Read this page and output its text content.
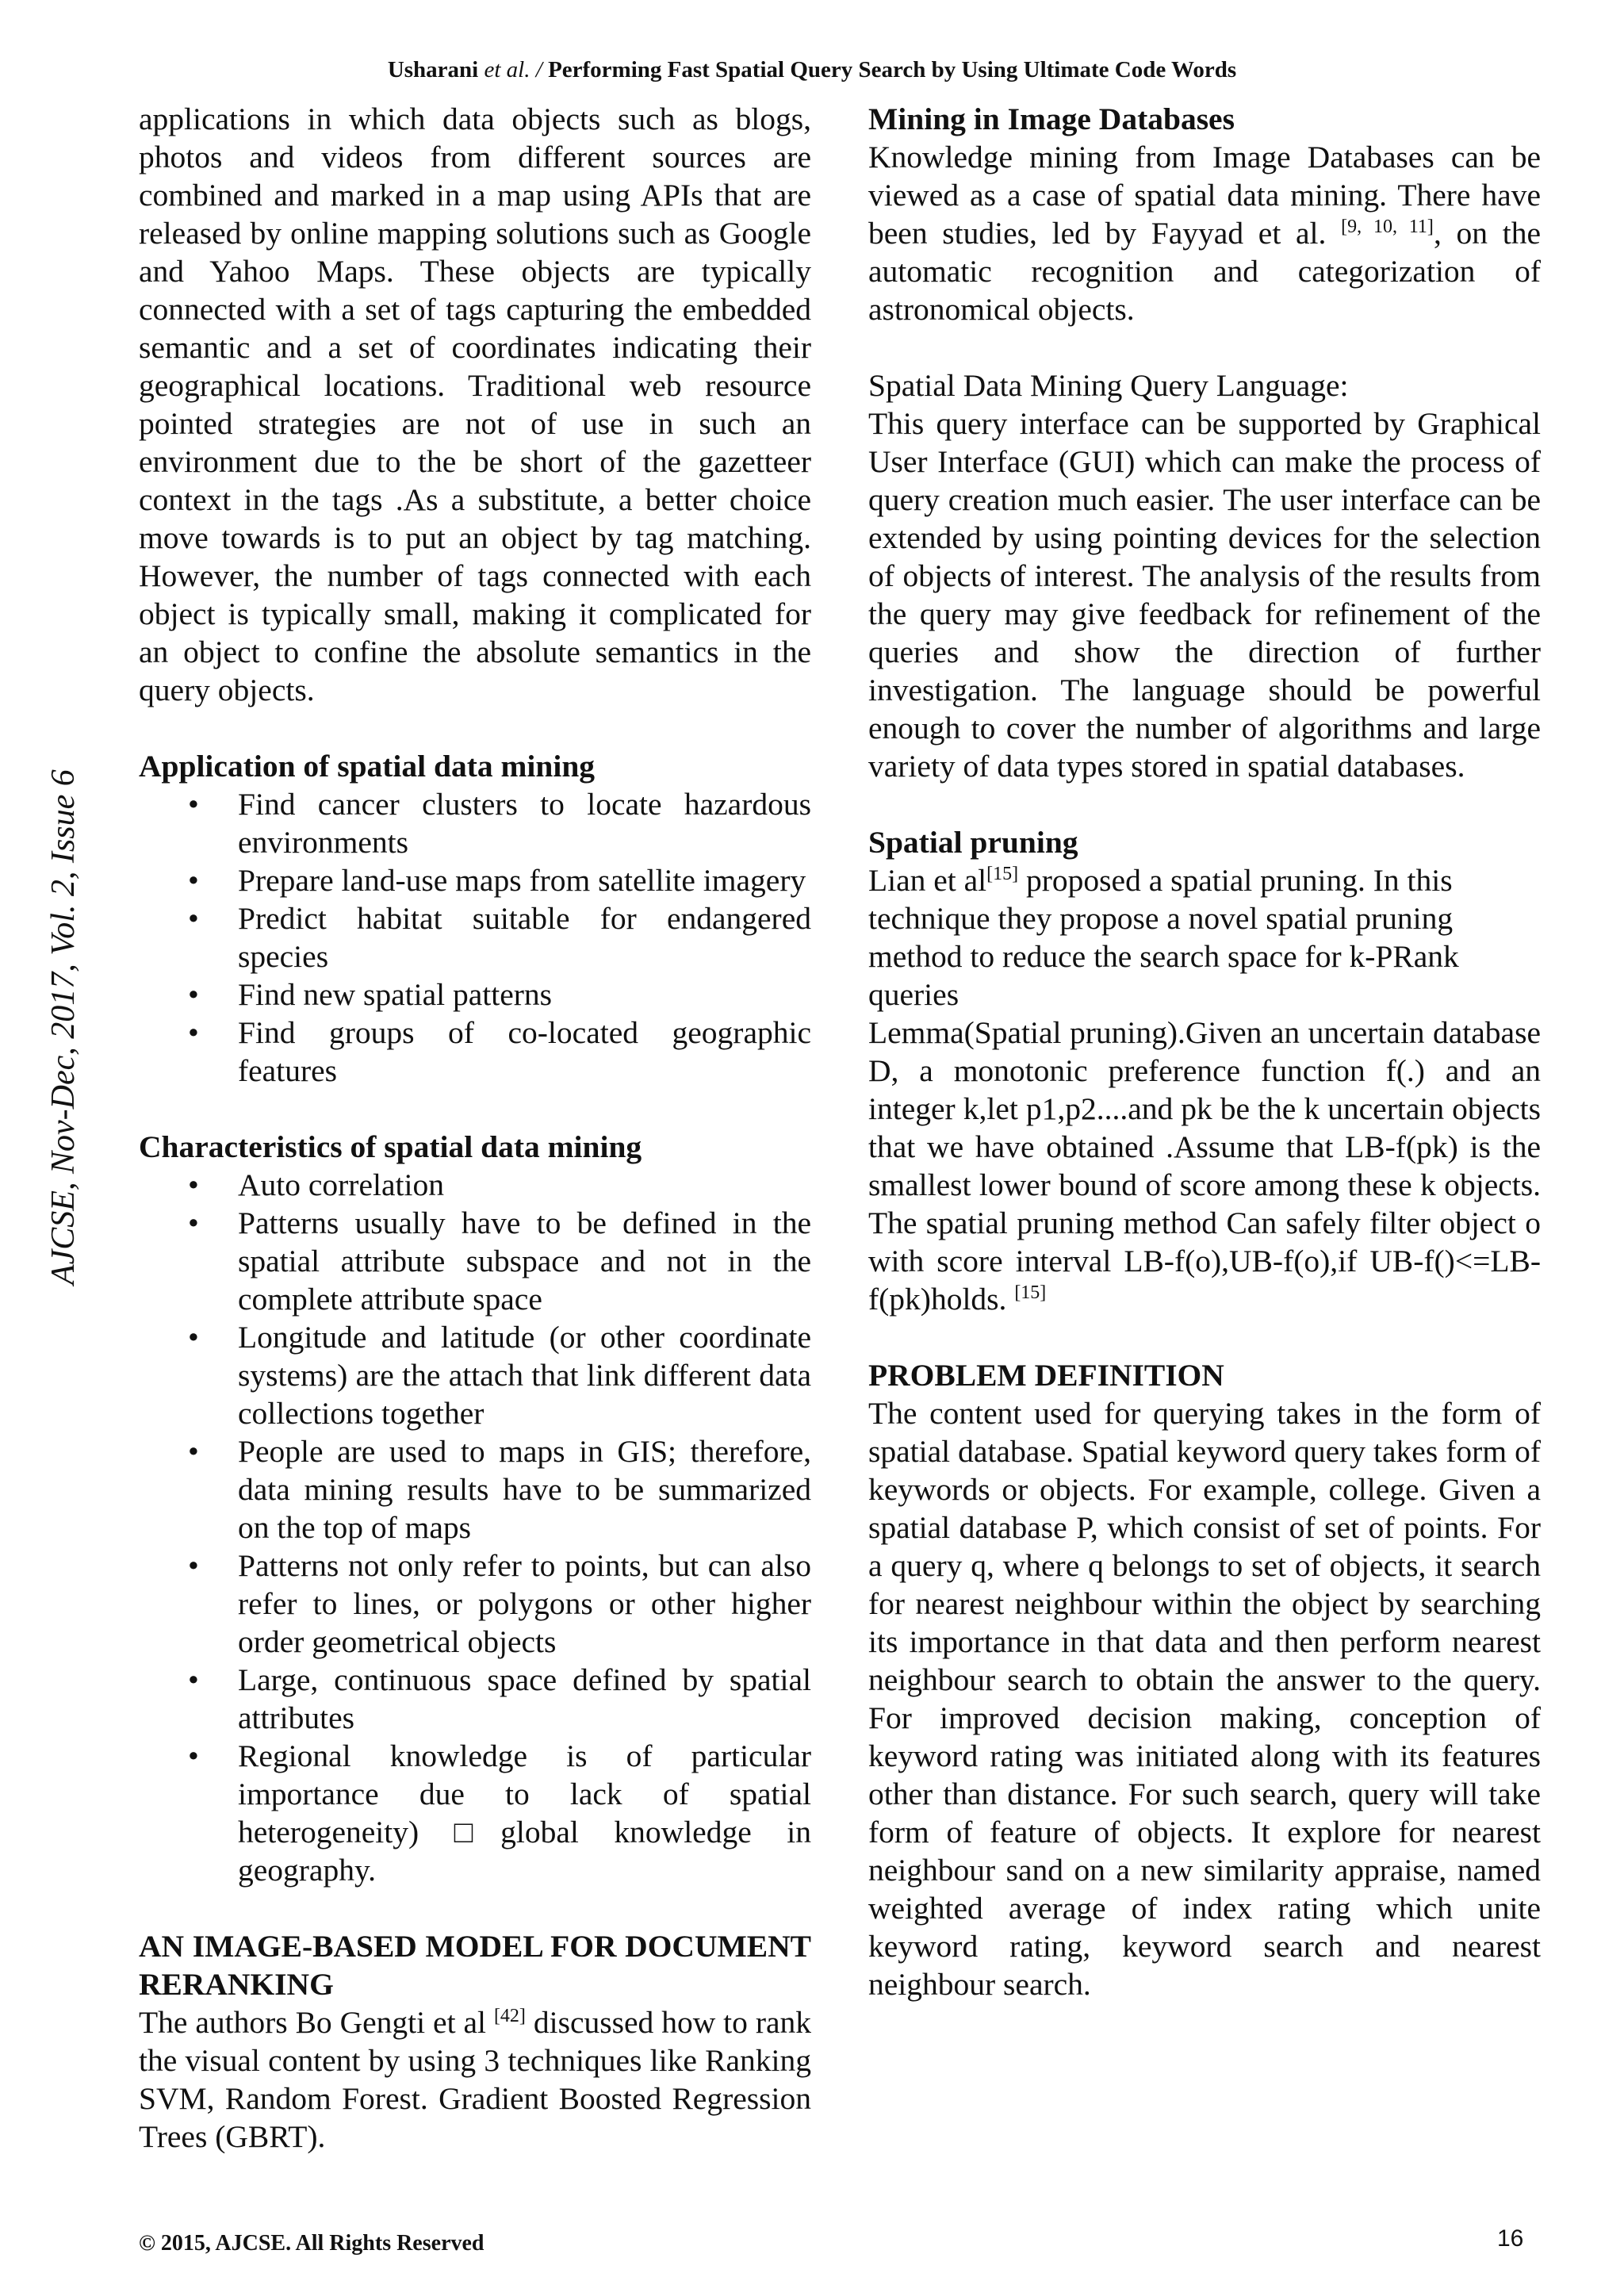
Usharani et al. / Performing Fast Spatial Query Search by Using Ultimate Code Words
AJCSE, Nov-Dec, 2017, Vol. 2, Issue 6

applications in which data objects such as blogs, photos and videos from different sources are combined and marked in a map using APIs that are released by online mapping solutions such as Google and Yahoo Maps. These objects are typically connected with a set of tags capturing the embedded semantic and a set of coordinates indicating their geographical locations. Traditional web resource pointed strategies are not of use in such an environment due to the be short of the gazetteer context in the tags .As a substitute, a better choice move towards is to put an object by tag matching. However, the number of tags connected with each object is typically small, making it complicated for an object to confine the absolute semantics in the query objects.

Application of spatial data mining

• Find cancer clusters to locate hazardous environments
• Prepare land-use maps from satellite imagery
• Predict habitat suitable for endangered species
• Find new spatial patterns
• Find groups of co-located geographic features

Characteristics of spatial data mining

• Auto correlation
• Patterns usually have to be defined in the spatial attribute subspace and not in the complete attribute space
• Longitude and latitude (or other coordinate systems) are the attach that link different data collections together
• People are used to maps in GIS; therefore, data mining results have to be summarized on the top of maps
• Patterns not only refer to points, but can also refer to lines, or polygons or other higher order geometrical objects
• Large, continuous space defined by spatial attributes
• Regional knowledge is of particular importance due to lack of spatial heterogeneity) □global knowledge in geography.

AN IMAGE-BASED MODEL FOR DOCUMENT RERANKING

The authors Bo Gengti et al [42] discussed how to rank the visual content by using 3 techniques like Ranking SVM, Random Forest. Gradient Boosted Regression Trees (GBRT).

Mining in Image Databases

Knowledge mining from Image Databases can be viewed as a case of spatial data mining. There have been studies, led by Fayyad et al. [9, 10, 11], on the automatic recognition and categorization of astronomical objects.

Spatial Data Mining Query Language:

This query interface can be supported by Graphical User Interface (GUI) which can make the process of query creation much easier. The user interface can be extended by using pointing devices for the selection of objects of interest. The analysis of the results from the query may give feedback for refinement of the queries and show the direction of further investigation. The language should be powerful enough to cover the number of algorithms and large variety of data types stored in spatial databases.

Spatial pruning

Lian et al[15] proposed a spatial pruning. In this technique they propose a novel spatial pruning method to reduce the search space for k-PRank queries

Lemma(Spatial pruning).Given an uncertain database D, a monotonic preference function f(.) and an integer k,let p1,p2....and pk be the k uncertain objects that we have obtained .Assume that LB-f(pk) is the smallest lower bound of score among these k objects. The spatial pruning method Can safely filter object o with score interval LB-f(o),UB-f(o),if UB-f()<=LB-f(pk)holds. [15]

PROBLEM DEFINITION

The content used for querying takes in the form of spatial database. Spatial keyword query takes form of keywords or objects. For example, college. Given a spatial database P, which consist of set of points. For a query q, where q belongs to set of objects, it search for nearest neighbour within the object by searching its importance in that data and then perform nearest neighbour search to obtain the answer to the query. For improved decision making, conception of keyword rating was initiated along with its features other than distance. For such search, query will take form of feature of objects. It explore for nearest neighbour sand on a new similarity appraise, named weighted average of index rating which unite keyword rating, keyword search and nearest neighbour search.

© 2015, AJCSE. All Rights Reserved	16
